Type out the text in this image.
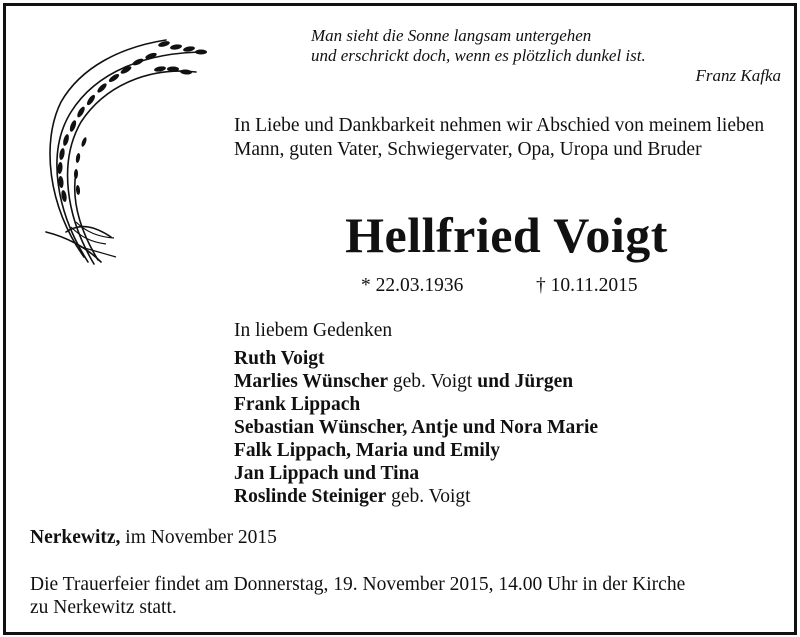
Man sieht die Sonne langsam untergehen
und erschrickt doch, wenn es plötzlich dunkel ist.
Franz Kafka
In Liebe und Dankbarkeit nehmen wir Abschied von meinem lieben Mann, guten Vater, Schwiegervater, Opa, Uropa und Bruder
Hellfried Voigt
* 22.03.1936	† 10.11.2015
In liebem Gedenken
Ruth Voigt
Marlies Wünscher geb. Voigt und Jürgen
Frank Lippach
Sebastian Wünscher, Antje und Nora Marie
Falk Lippach, Maria und Emily
Jan Lippach und Tina
Roslinde Steiniger geb. Voigt
Nerkewitz, im November 2015
Die Trauerfeier findet am Donnerstag, 19. November 2015, 14.00 Uhr in der Kirche
zu Nerkewitz statt.
